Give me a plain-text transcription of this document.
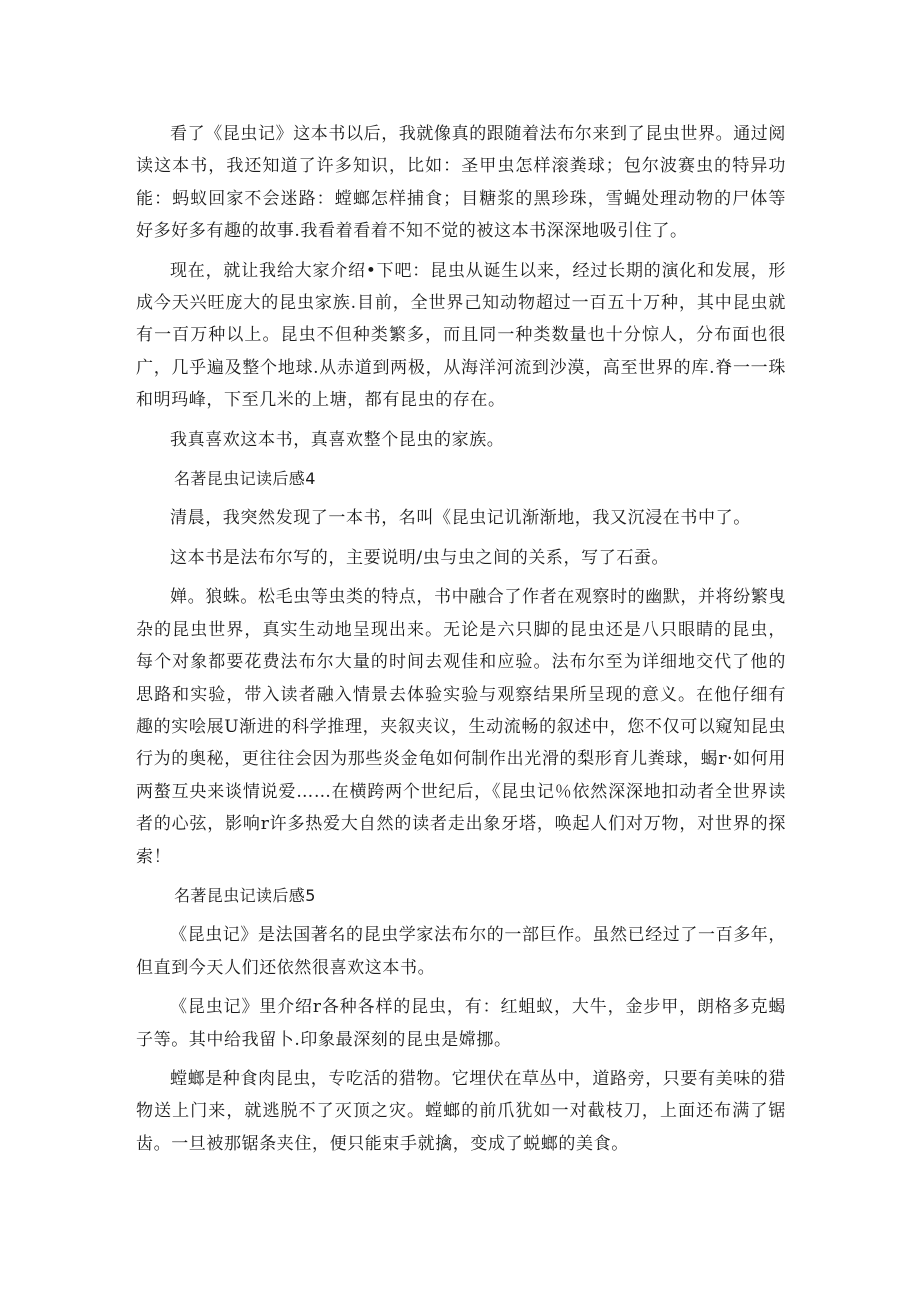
看了《昆虫记》这本书以后，我就像真的跟随着法布尔来到了昆虫世界。通过阅读这本书，我还知道了许多知识，比如：圣甲虫怎样滚粪球；包尔波赛虫的特异功能：蚂蚁回家不会迷路：螳螂怎样捕食；目糖浆的黑珍珠，雪蝇处理动物的尸体等好多好多有趣的故事.我看着看着不知不觉的被这本书深深地吸引住了。

现在，就让我给大家介绍•下吧：昆虫从诞生以来，经过长期的演化和发展，形成今天兴旺庞大的昆虫家族.目前，全世界己知动物超过一百五十万种，其中昆虫就有一百万种以上。昆虫不但种类繁多，而且同一种类数量也十分惊人，分布面也很广，几乎遍及整个地球.从赤道到两极，从海洋河流到沙漠，高至世界的库.脊一一珠和明玛峰，下至几米的上塘，都有昆虫的存在。

我真喜欢这本书，真喜欢整个昆虫的家族。

名著昆虫记读后感4

清晨，我突然发现了一本书，名叫《昆虫记讥渐渐地，我又沉浸在书中了。

这本书是法布尔写的，主要说明/虫与虫之间的关系，写了石蚕。

婵。狼蛛。松毛虫等虫类的特点，书中融合了作者在观察时的幽默，并将纷繁曳杂的昆虫世界，真实生动地呈现出来。无论是六只脚的昆虫还是八只眼睛的昆虫，每个对象都要花费法布尔大量的时间去观佳和应验。法布尔至为详细地交代了他的思路和实验，带入读者融入情景去体验实验与观察结果所呈现的意义。在他仔细有趣的实哙展U渐进的科学推理，夹叙夹议，生动流畅的叙述中，您不仅可以窥知昆虫行为的奥秘，更往往会因为那些炎金龟如何制作出光滑的梨形育儿粪球，蝎r·如何用两螯互央来谈情说爱……在横跨两个世纪后，《昆虫记％依然深深地扣动者全世界读者的心弦，影响r许多热爱大自然的读者走出象牙塔，唤起人们对万物，对世界的探索！

名著昆虫记读后感5

《昆虫记》是法国著名的昆虫学家法布尔的一部巨作。虽然已经过了一百多年，但直到今天人们还依然很喜欢这本书。

《昆虫记》里介绍r各种各样的昆虫，有：红蛆蚁，大牛，金步甲，朗格多克蝎子等。其中给我留卜.印象最深刻的昆虫是嫦挪。

螳螂是种食肉昆虫，专吃活的猎物。它埋伏在草丛中，道路旁，只要有美味的猎物送上门来，就逃脱不了灭顶之灾。螳螂的前爪犹如一对截枝刀，上面还布满了锯齿。一旦被那锯条夹住，便只能束手就擒，变成了蜕螂的美食。
